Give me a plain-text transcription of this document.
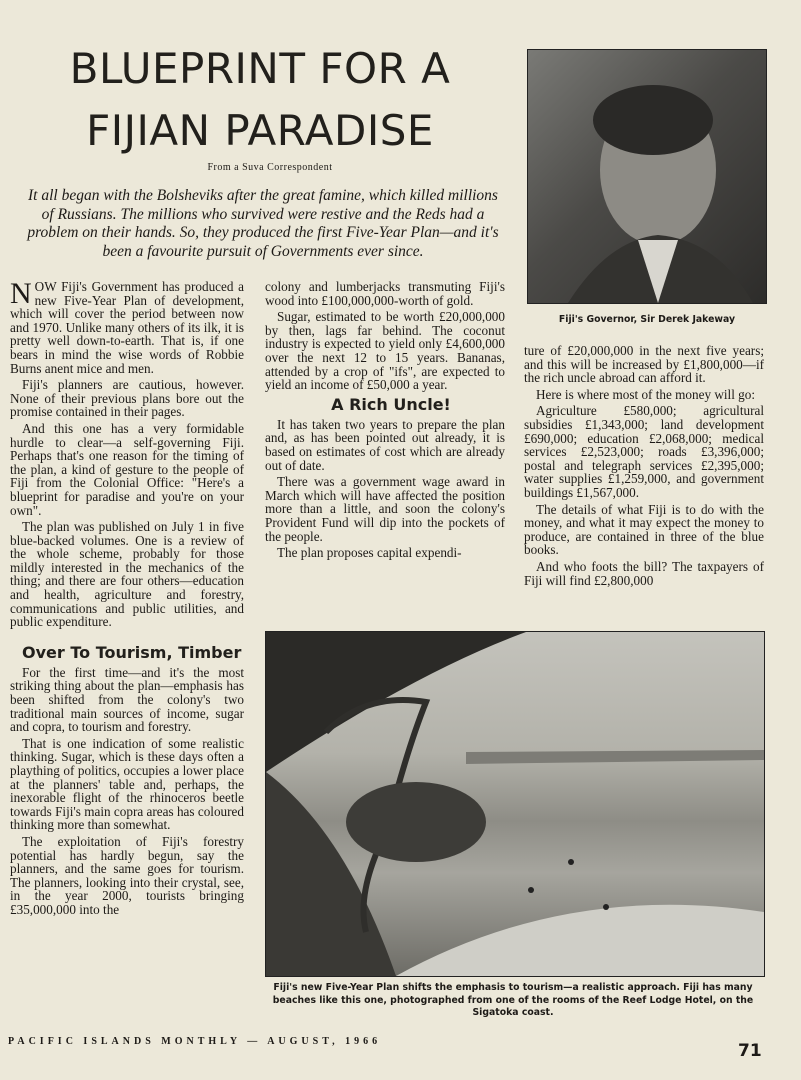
BLUEPRINT FOR A
FIJIAN PARADISE
From a Suva Correspondent
It all began with the Bolsheviks after the great famine, which killed millions of Russians. The millions who survived were restive and the Reds had a problem on their hands. So, they produced the first Five-Year Plan—and it's been a favourite pursuit of Governments ever since.

NOW Fiji's Government has produced a new Five-Year Plan of development, which will cover the period between now and 1970. Unlike many others of its ilk, it is pretty well down-to-earth. That is, if one bears in mind the wise words of Robbie Burns anent mice and men.

Fiji's planners are cautious, however. None of their previous plans bore out the promise contained in their pages.

And this one has a very formidable hurdle to clear—a self-governing Fiji. Perhaps that's one reason for the timing of the plan, a kind of gesture to the people of Fiji from the Colonial Office: "Here's a blueprint for paradise and you're on your own".

The plan was published on July 1 in five blue-backed volumes. One is a review of the whole scheme, probably for those mildly interested in the mechanics of the thing; and there are four others—education and health, agriculture and forestry, communications and public utilities, and public expenditure.

Over To Tourism, Timber

For the first time—and it's the most striking thing about the plan—emphasis has been shifted from the colony's two traditional main sources of income, sugar and copra, to tourism and forestry.

That is one indication of some realistic thinking. Sugar, which is these days often a plaything of politics, occupies a lower place at the planners' table and, perhaps, the inexorable flight of the rhinoceros beetle towards Fiji's main copra areas has coloured thinking more than somewhat.

The exploitation of Fiji's forestry potential has hardly begun, say the planners, and the same goes for tourism. The planners, looking into their crystal, see, in the year 2000, tourists bringing £35,000,000 into the

colony and lumberjacks transmuting Fiji's wood into £100,000,000-worth of gold.

Sugar, estimated to be worth £20,000,000 by then, lags far behind. The coconut industry is expected to yield only £4,600,000 over the next 12 to 15 years. Bananas, attended by a crop of "ifs", are expected to yield an income of £50,000 a year.

A Rich Uncle!

It has taken two years to prepare the plan and, as has been pointed out already, it is based on estimates of cost which are already out of date.

There was a government wage award in March which will have affected the position more than a little, and soon the colony's Provident Fund will dip into the pockets of the people.

The plan proposes capital expendi-

Fiji's Governor, Sir Derek Jakeway

ture of £20,000,000 in the next five years; and this will be increased by £1,800,000—if the rich uncle abroad can afford it.

Here is where most of the money will go:

Agriculture £580,000; agricultural subsidies £1,343,000; land development £690,000; education £2,068,000; medical services £2,523,000; roads £3,396,000; postal and telegraph services £2,395,000; water supplies £1,259,000, and government buildings £1,567,000.

The details of what Fiji is to do with the money, and what it may expect the money to produce, are contained in three of the blue books.

And who foots the bill? The taxpayers of Fiji will find £2,800,000

Fiji's new Five-Year Plan shifts the emphasis to tourism—a realistic approach. Fiji has many beaches like this one, photographed from one of the rooms of the Reef Lodge Hotel, on the Sigatoka coast.
PACIFIC ISLANDS MONTHLY — AUGUST, 1966	71
